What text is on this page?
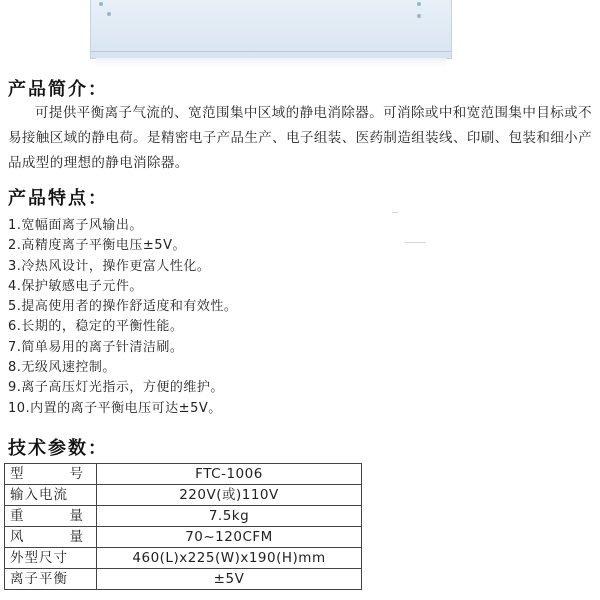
产品简介：

可提供平衡离子气流的、宽范围集中区域的静电消除器。可消除或中和宽范围集中目标或不易接触区域的静电荷。是精密电子产品生产、电子组装、医药制造组装线、印刷、包装和细小产品成型的理想的静电消除器。

产品特点：
1.宽幅面离子风输出。
2.高精度离子平衡电压±5V。
3.冷热风设计，操作更富人性化。
4.保护敏感电子元件。
5.提高使用者的操作舒适度和有效性。
6.长期的，稳定的平衡性能。
7.简单易用的离子针清洁刷。
8.无级风速控制。
9.离子高压灯光指示，方便的维护。
10.内置的离子平衡电压可达±5V。
技术参数：
型 号	FTC-1006
输入电流	220V(或)110V

重 量	7.5kg

风 量	70~120CFM
外型尺寸	460(L)x225(W)x190(H)mm
离子平衡	±5V
